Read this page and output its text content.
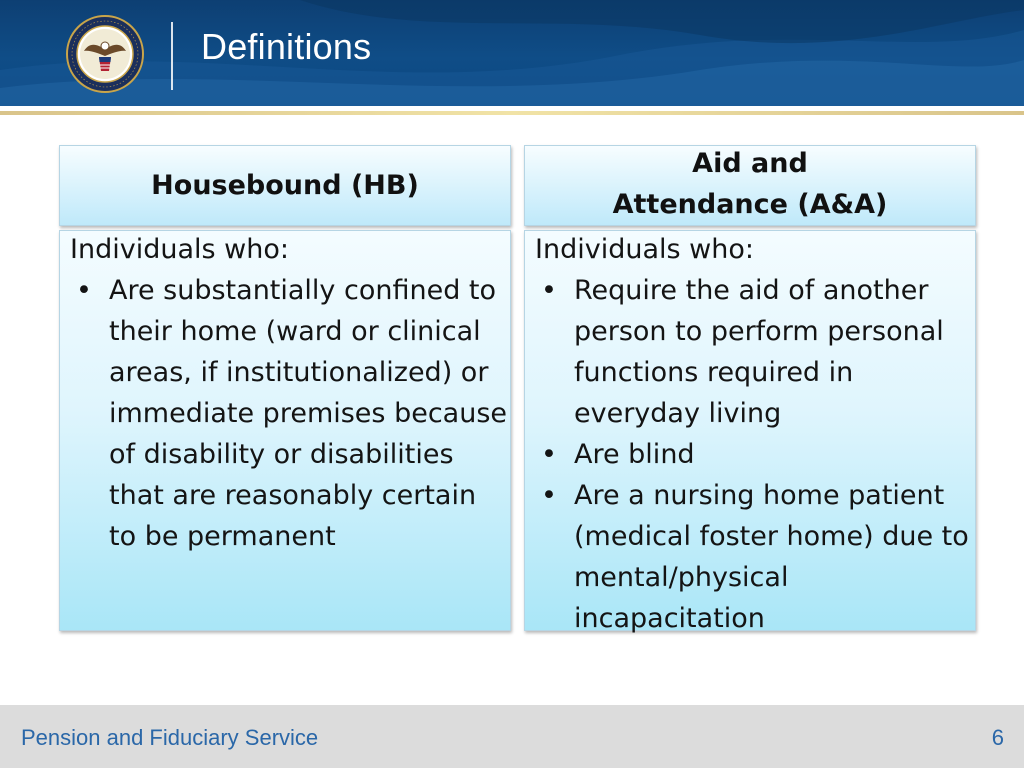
Definitions
Housebound (HB)
Individuals who:
• Are substantially confined to their home (ward or clinical areas, if institutionalized) or immediate premises because of disability or disabilities that are reasonably certain to be permanent
Aid and Attendance (A&A)
Individuals who:
• Require the aid of another person to perform personal functions required in everyday living
• Are blind
• Are a nursing home patient (medical foster home) due to mental/physical incapacitation
Pension and Fiduciary Service	6
